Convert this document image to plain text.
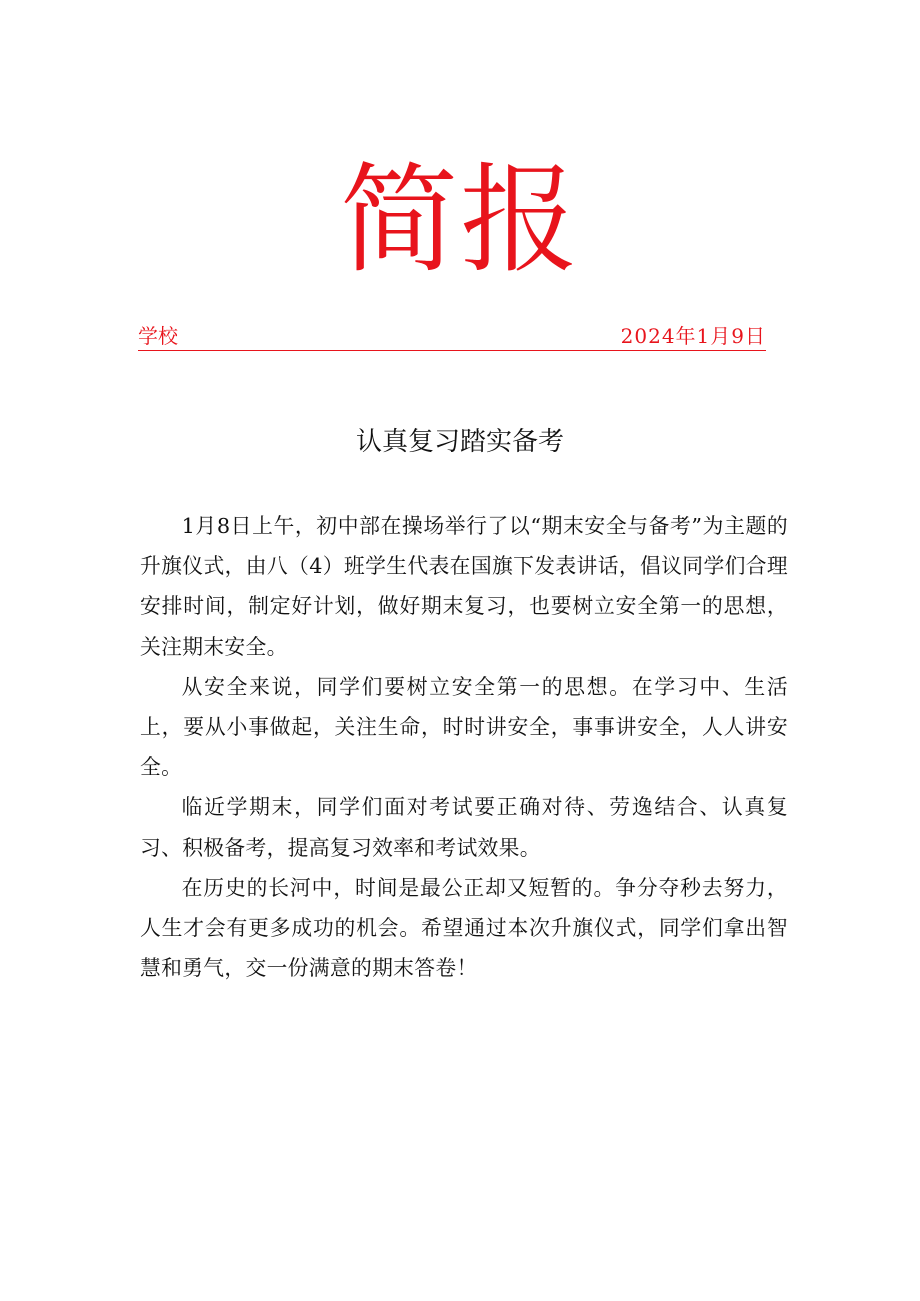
简报
学校	2024年1月9日
认真复习踏实备考

1月8日上午，初中部在操场举行了以“期末安全与备考”为主题的升旗仪式，由八（4）班学生代表在国旗下发表讲话，倡议同学们合理安排时间，制定好计划，做好期末复习，也要树立安全第一的思想，关注期末安全。

从安全来说，同学们要树立安全第一的思想。在学习中、生活上，要从小事做起，关注生命，时时讲安全，事事讲安全，人人讲安全。

临近学期末，同学们面对考试要正确对待、劳逸结合、认真复习、积极备考，提高复习效率和考试效果。

在历史的长河中，时间是最公正却又短暂的。争分夺秒去努力，人生才会有更多成功的机会。希望通过本次升旗仪式，同学们拿出智慧和勇气，交一份满意的期末答卷！
